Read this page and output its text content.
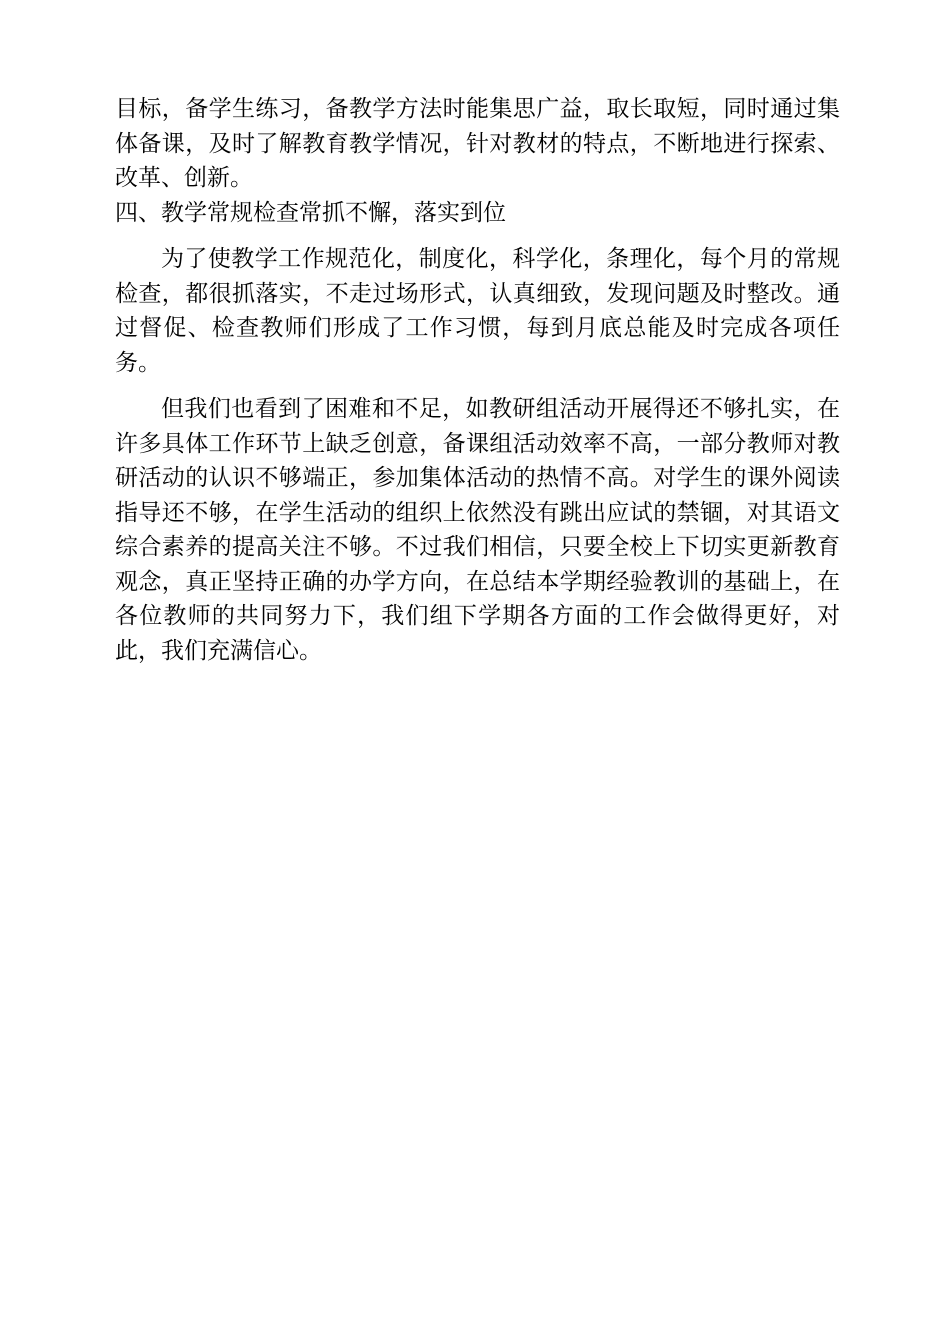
目标，备学生练习，备教学方法时能集思广益，取长取短，同时通过集体备课，及时了解教育教学情况，针对教材的特点，不断地进行探索、改革、创新。

四、教学常规检查常抓不懈，落实到位

为了使教学工作规范化，制度化，科学化，条理化，每个月的常规检查，都很抓落实，不走过场形式，认真细致，发现问题及时整改。通过督促、检查教师们形成了工作习惯，每到月底总能及时完成各项任务。

但我们也看到了困难和不足，如教研组活动开展得还不够扎实，在许多具体工作环节上缺乏创意，备课组活动效率不高，一部分教师对教研活动的认识不够端正，参加集体活动的热情不高。对学生的课外阅读指导还不够，在学生活动的组织上依然没有跳出应试的禁锢，对其语文综合素养的提高关注不够。不过我们相信，只要全校上下切实更新教育观念，真正坚持正确的办学方向，在总结本学期经验教训的基础上，在各位教师的共同努力下，我们组下学期各方面的工作会做得更好，对此，我们充满信心。
